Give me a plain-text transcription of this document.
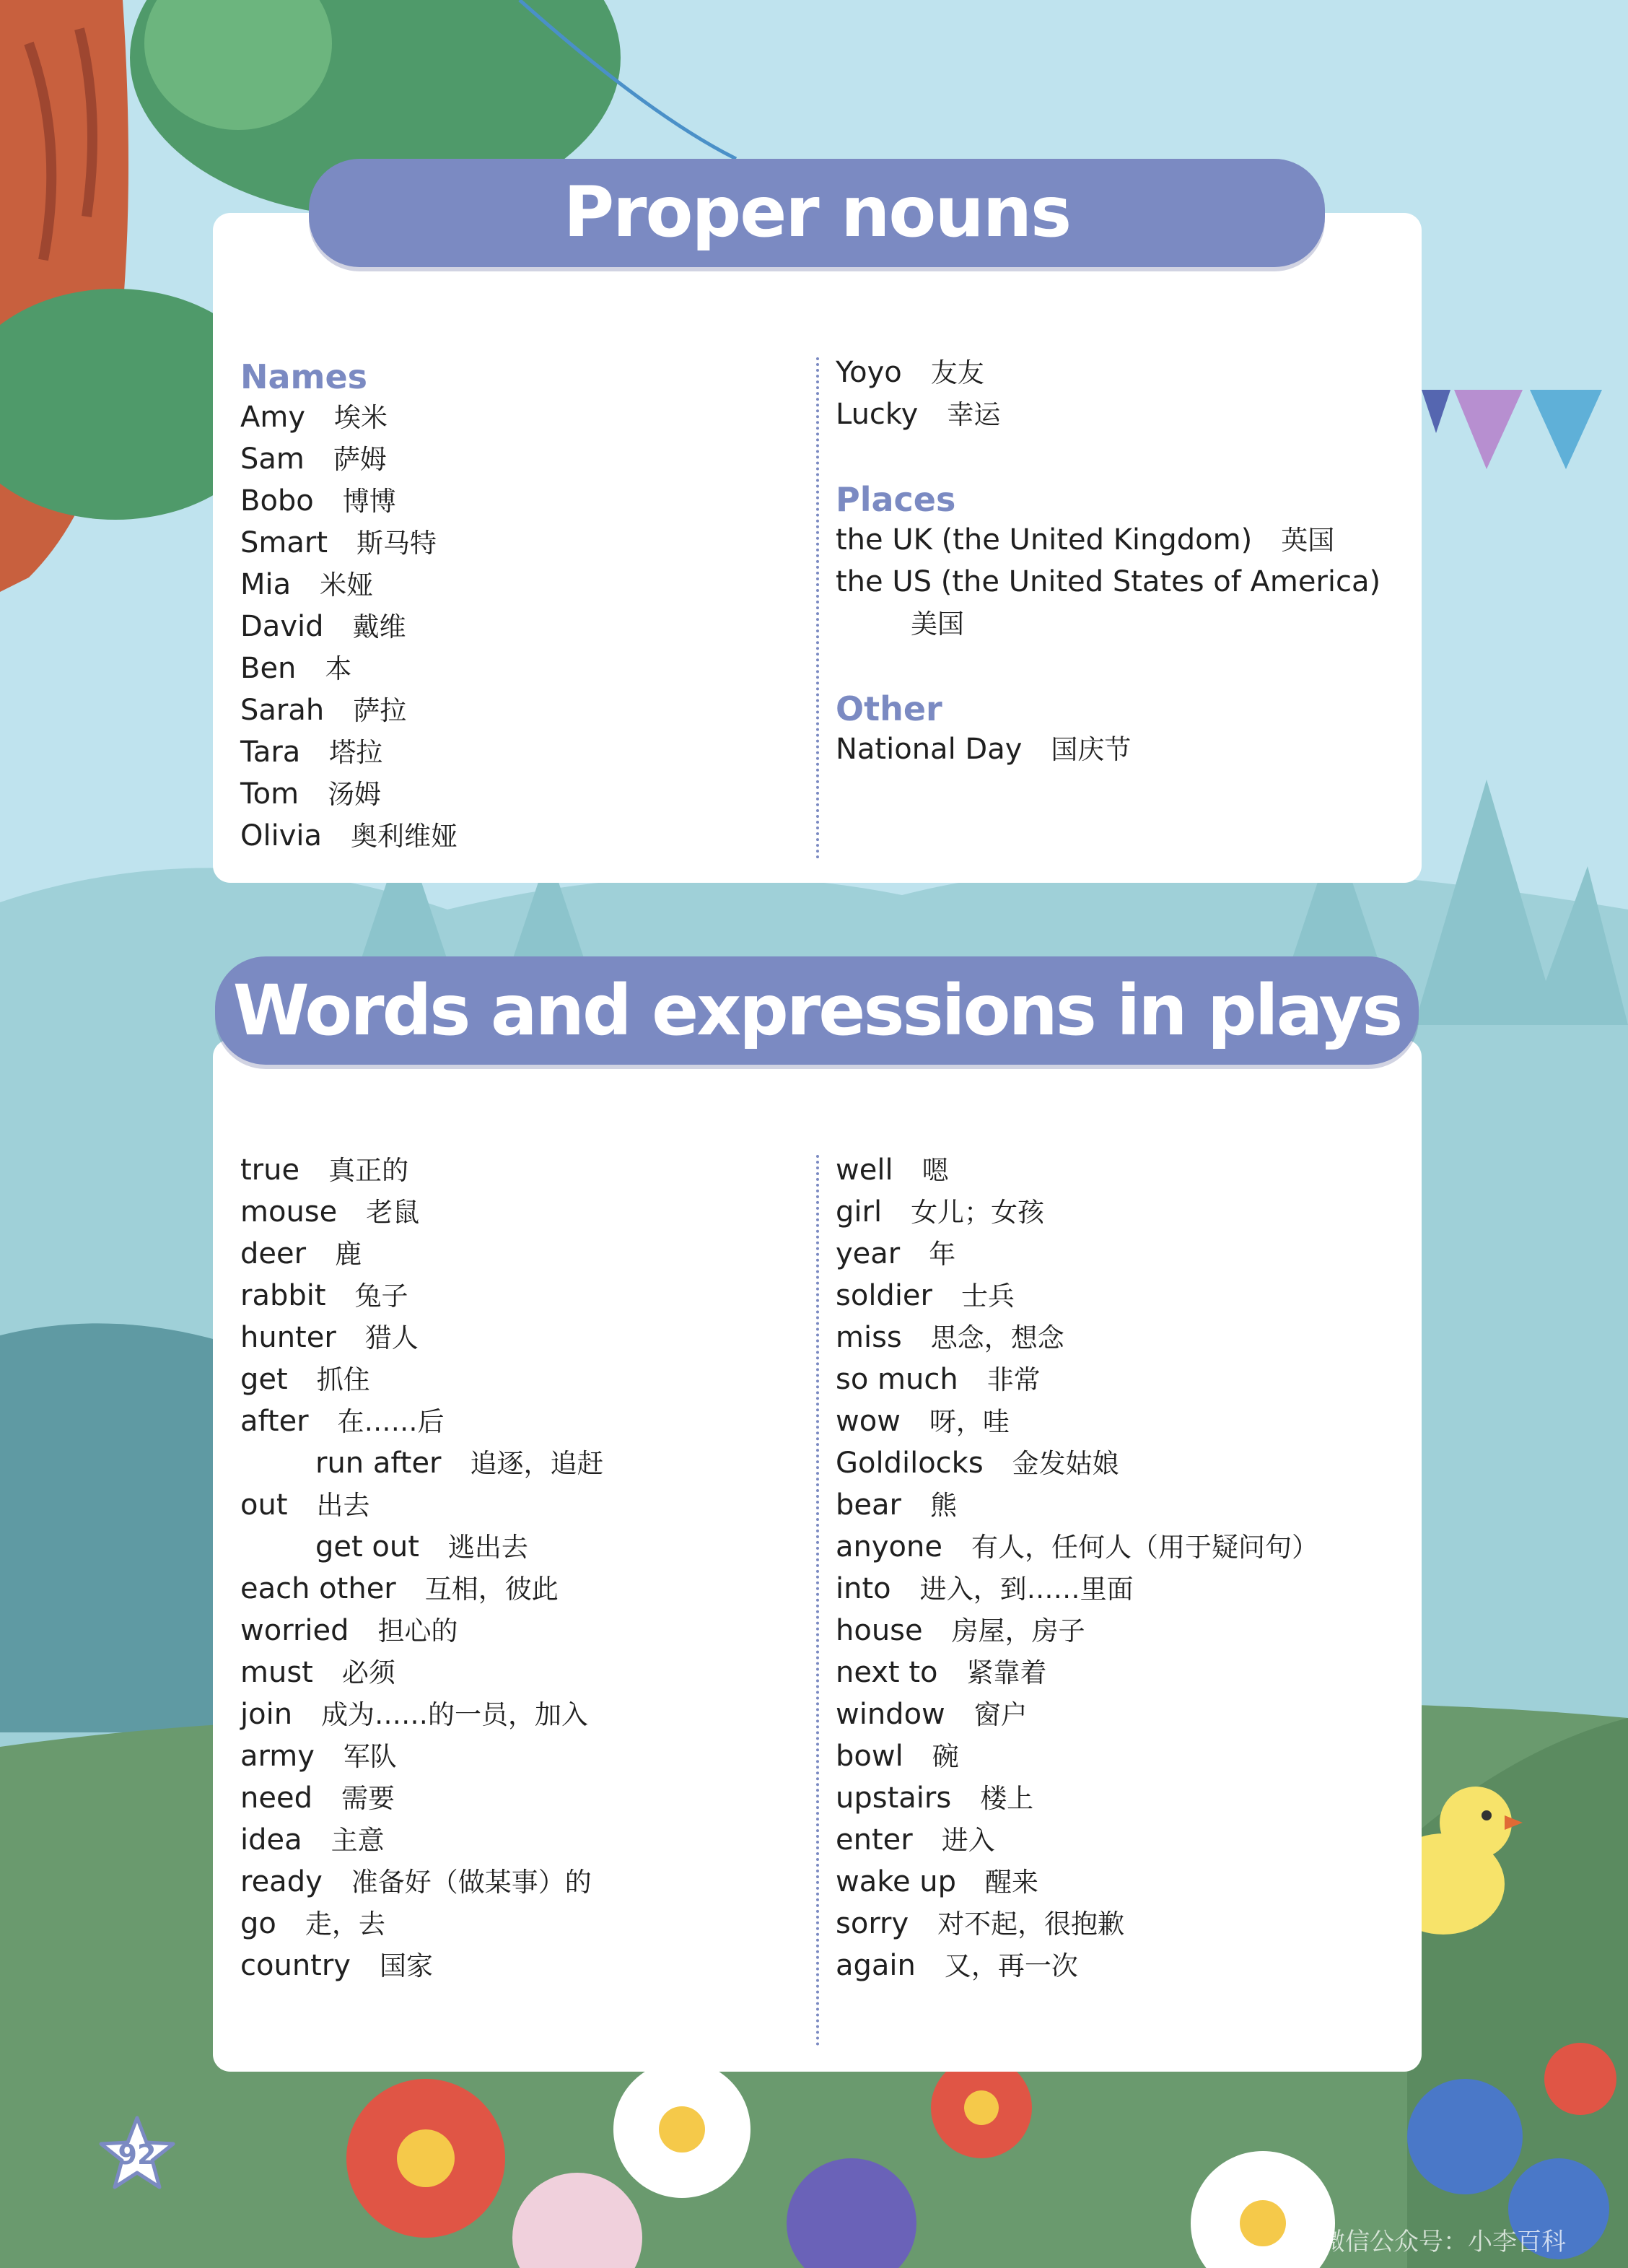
Proper nouns
Names
Amy 埃米
Sam 萨姆
Bobo 博博
Smart 斯马特
Mia 米娅
David 戴维
Ben 本
Sarah 萨拉
Tara 塔拉
Tom 汤姆
Olivia 奥利维娅
Yoyo 友友
Lucky 幸运
Places
the UK (the United Kingdom) 英国
the US (the United States of America)
美国
Other
National Day 国庆节
Words and expressions in plays
true 真正的
mouse 老鼠
deer 鹿
rabbit 兔子
hunter 猎人
get 抓住
after 在……后
run after 追逐，追赶
out 出去
get out 逃出去
each other 互相，彼此
worried 担心的
must 必须
join 成为……的一员，加入
army 军队
need 需要
idea 主意
ready 准备好（做某事）的
go 走，去
country 国家
well 嗯
girl 女儿；女孩
year 年
soldier 士兵
miss 思念，想念
so much 非常
wow 呀，哇
Goldilocks 金发姑娘
bear 熊
anyone 有人，任何人（用于疑问句）
into 进入，到……里面
house 房屋，房子
next to 紧靠着
window 窗户
bowl 碗
upstairs 楼上
enter 进入
wake up 醒来
sorry 对不起，很抱歉
again 又，再一次
92
微信公众号：小李百科
